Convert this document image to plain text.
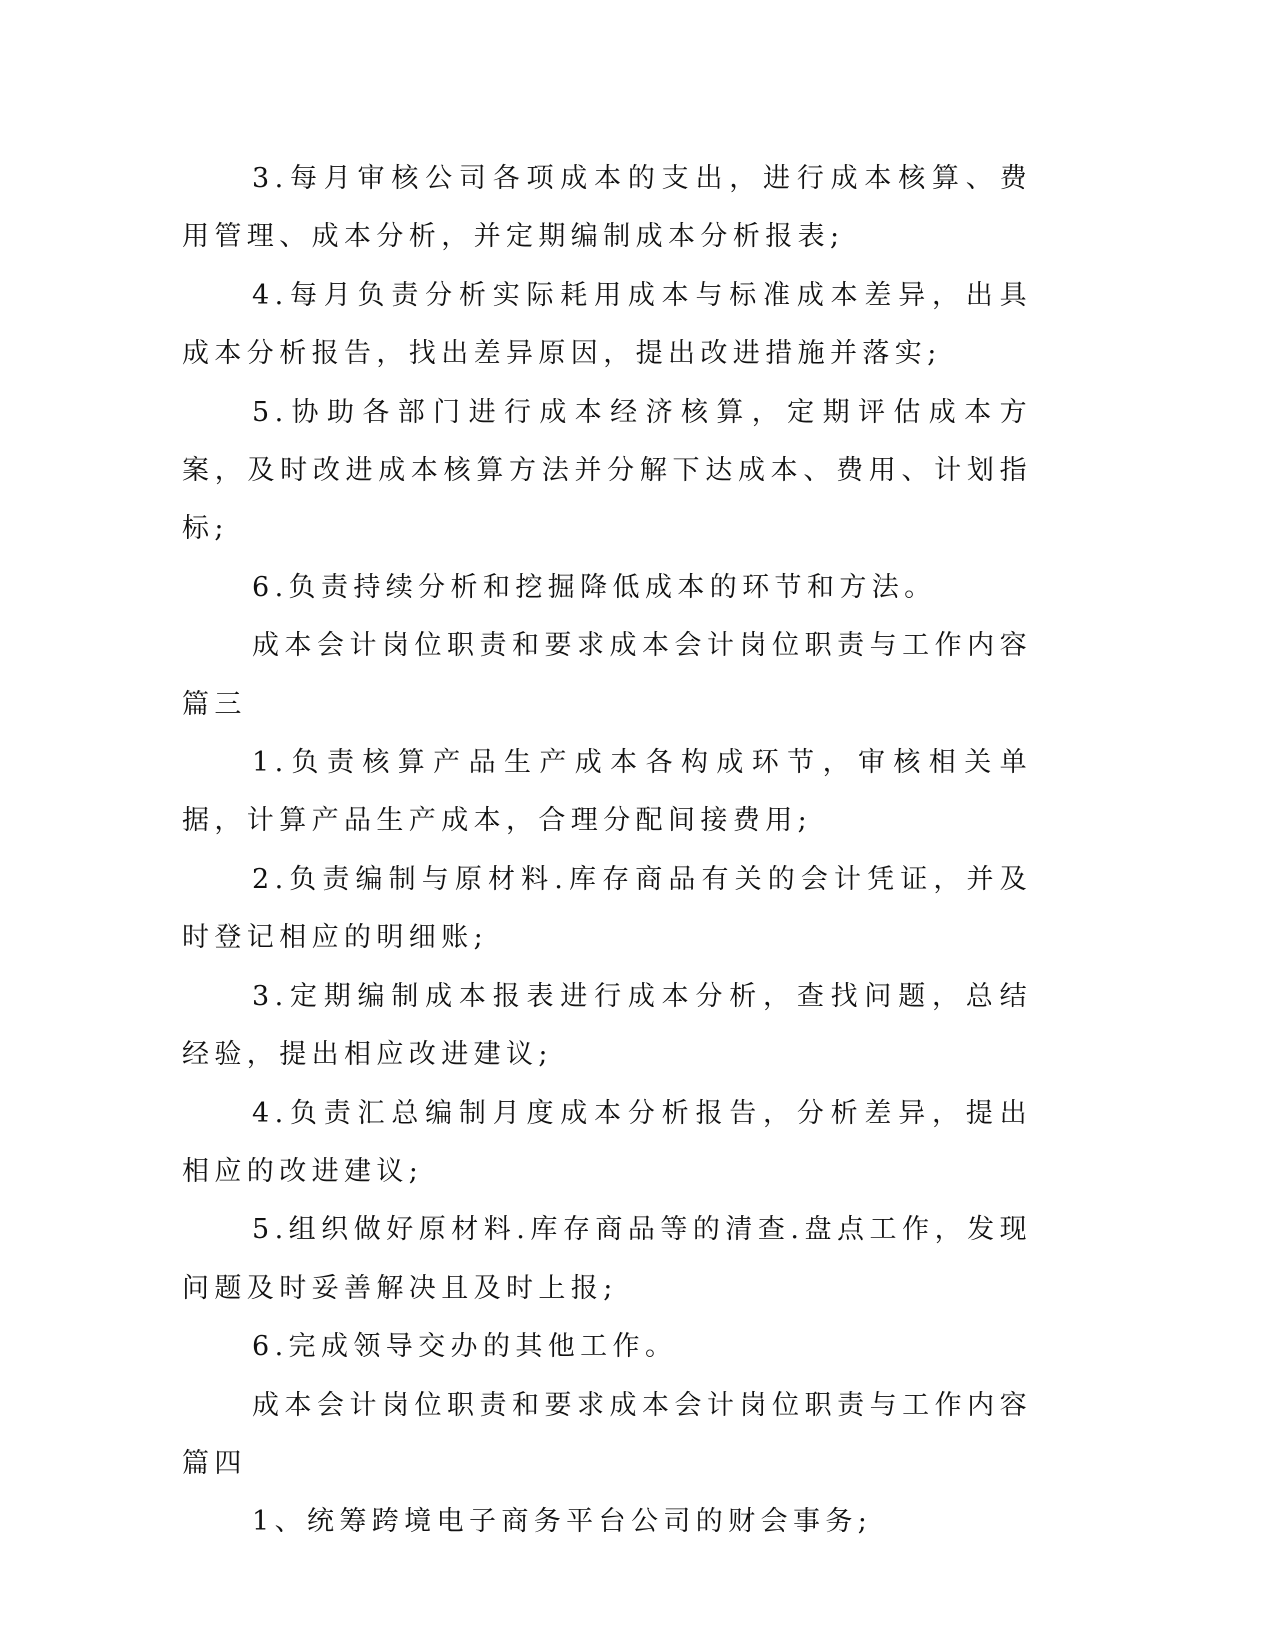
3.每月审核公司各项成本的支出，进行成本核算、费用管理、成本分析，并定期编制成本分析报表;

4.每月负责分析实际耗用成本与标准成本差异，出具成本分析报告，找出差异原因，提出改进措施并落实;

5.协助各部门进行成本经济核算，定期评估成本方案，及时改进成本核算方法并分解下达成本、费用、计划指标;

6.负责持续分析和挖掘降低成本的环节和方法。

成本会计岗位职责和要求成本会计岗位职责与工作内容篇三

1.负责核算产品生产成本各构成环节，审核相关单据，计算产品生产成本，合理分配间接费用;

2.负责编制与原材料.库存商品有关的会计凭证，并及时登记相应的明细账;

3.定期编制成本报表进行成本分析，查找问题，总结经验，提出相应改进建议;

4.负责汇总编制月度成本分析报告，分析差异，提出相应的改进建议;

5.组织做好原材料.库存商品等的清查.盘点工作，发现问题及时妥善解决且及时上报;

6.完成领导交办的其他工作。

成本会计岗位职责和要求成本会计岗位职责与工作内容篇四

1、统筹跨境电子商务平台公司的财会事务;
